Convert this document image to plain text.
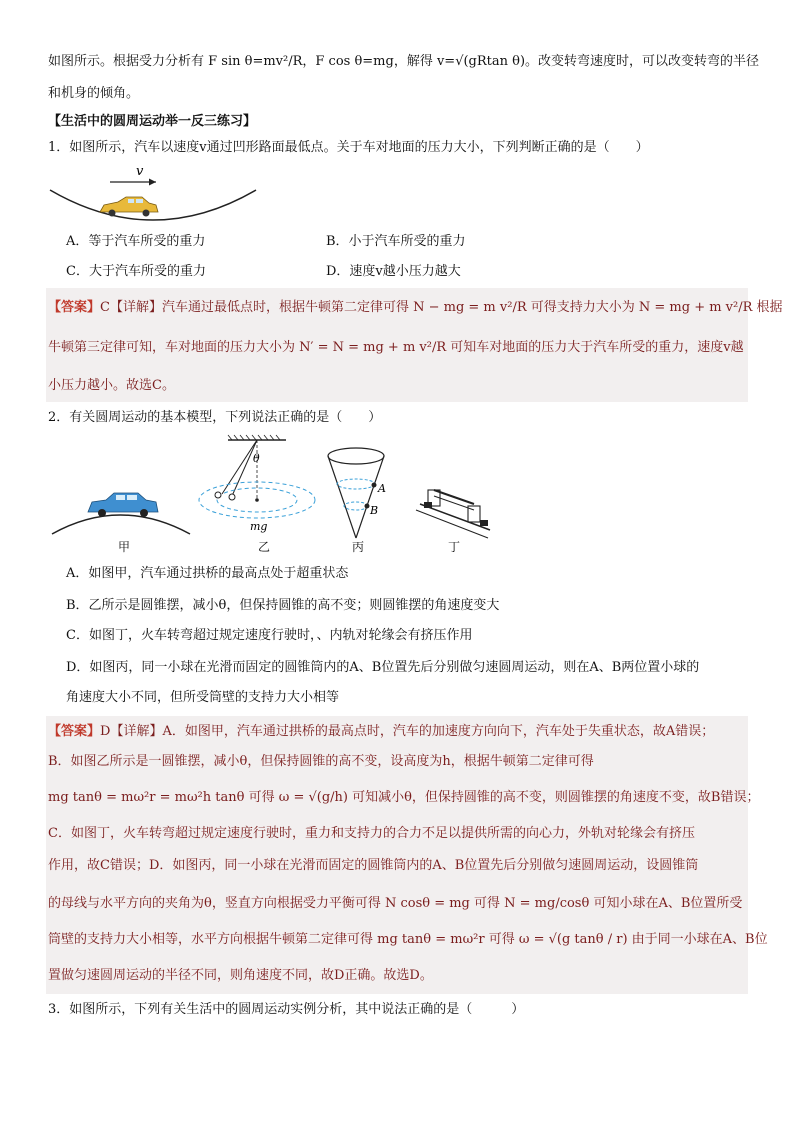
如图所示。根据受力分析有 F sin θ=mv²/R，F cos θ=mg，解得 v=√(gRtan θ)。改变转弯速度时，可以改变转弯的半径
和机身的倾角。
【生活中的圆周运动举一反三练习】
1．如图所示，汽车以速度v通过凹形路面最低点。关于车对地面的压力大小，下列判断正确的是（　　）
v
A．等于汽车所受的重力	B．小于汽车所受的重力
C．大于汽车所受的重力	D．速度v越小压力越大
【答案】C【详解】汽车通过最低点时，根据牛顿第二定律可得 N − mg = m v²/R 可得支持力大小为 N = mg + m v²/R 根据
牛顿第三定律可知，车对地面的压力大小为 N′ = N = mg + m v²/R 可知车对地面的压力大于汽车所受的重力，速度v越
小压力越小。故选C。
2．有关圆周运动的基本模型，下列说法正确的是（　　）
θ
mg
A
B
甲	乙	丙	丁
A．如图甲，汽车通过拱桥的最高点处于超重状态
B．乙所示是圆锥摆，减小θ，但保持圆锥的高不变；则圆锥摆的角速度变大
C．如图丁，火车转弯超过规定速度行驶时，、内轨对轮缘会有挤压作用
D．如图丙，同一小球在光滑而固定的圆锥筒内的A、B位置先后分别做匀速圆周运动，则在A、B两位置小球的
角速度大小不同，但所受筒壁的支持力大小相等
【答案】D【详解】A．如图甲，汽车通过拱桥的最高点时，汽车的加速度方向向下，汽车处于失重状态，故A错误；
B．如图乙所示是一圆锥摆，减小θ，但保持圆锥的高不变，设高度为h，根据牛顿第二定律可得
mg tanθ = mω²r = mω²h tanθ 可得 ω = √(g/h) 可知减小θ，但保持圆锥的高不变，则圆锥摆的角速度不变，故B错误；
C．如图丁，火车转弯超过规定速度行驶时，重力和支持力的合力不足以提供所需的向心力，外轨对轮缘会有挤压
作用，故C错误；D．如图丙，同一小球在光滑而固定的圆锥筒内的A、B位置先后分别做匀速圆周运动，设圆锥筒
的母线与水平方向的夹角为θ，竖直方向根据受力平衡可得 N cosθ = mg 可得 N = mg/cosθ 可知小球在A、B位置所受
筒壁的支持力大小相等，水平方向根据牛顿第二定律可得 mg tanθ = mω²r 可得 ω = √(g tanθ / r) 由于同一小球在A、B位
置做匀速圆周运动的半径不同，则角速度不同，故D正确。故选D。
3．如图所示，下列有关生活中的圆周运动实例分析，其中说法正确的是（　　　）
